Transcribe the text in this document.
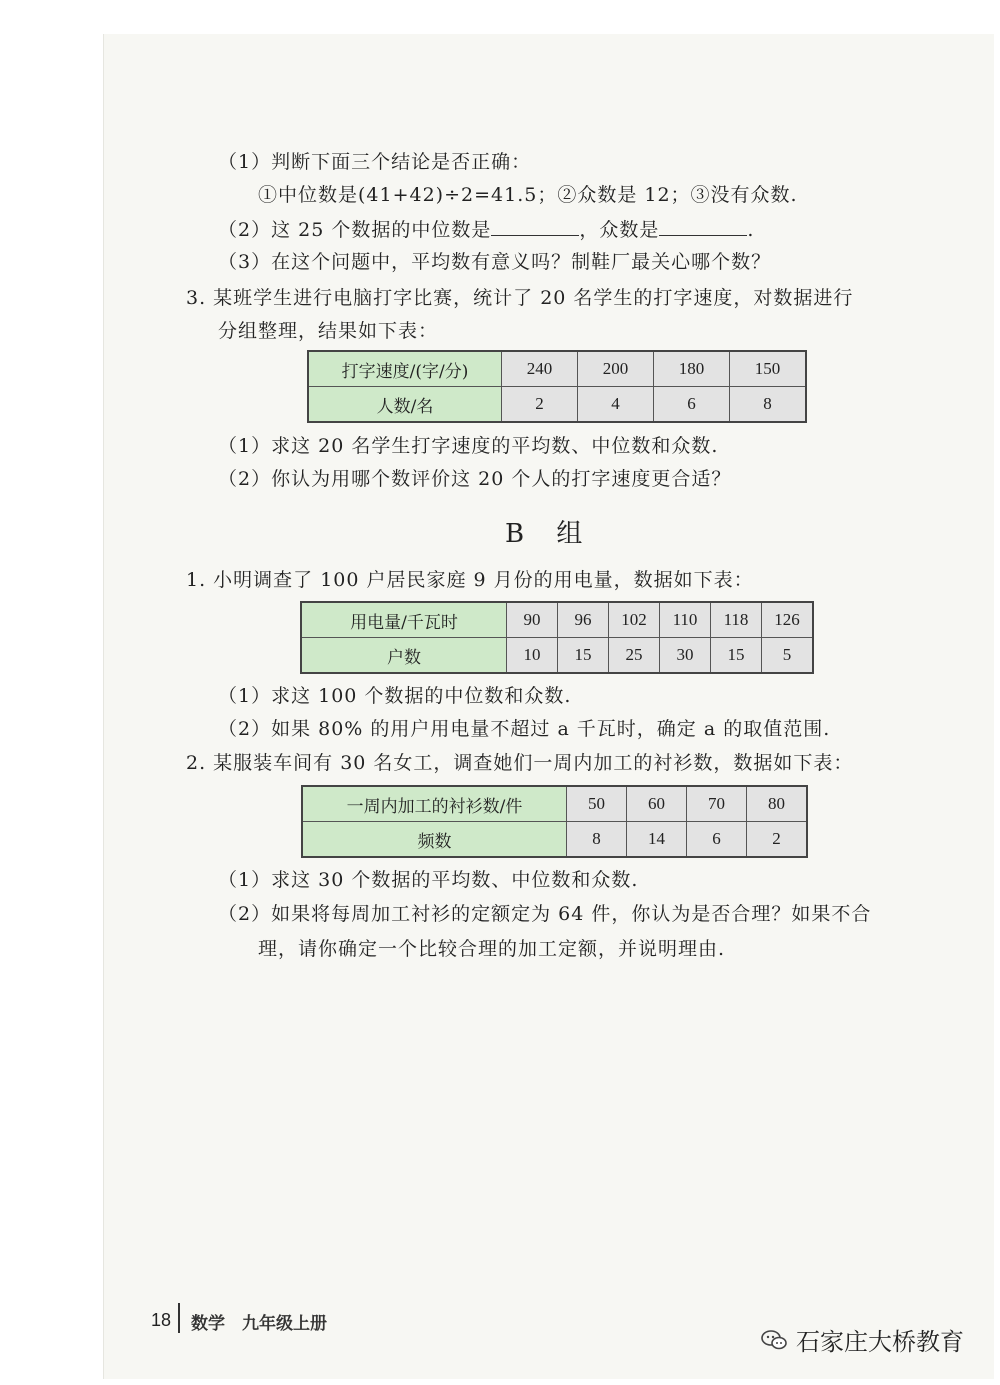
（1）判断下面三个结论是否正确：
①中位数是(41+42)÷2=41.5；②众数是 12；③没有众数.
（2）这 25 个数据的中位数是	，众数是	.
（3）在这个问题中，平均数有意义吗？制鞋厂最关心哪个数？
3. 某班学生进行电脑打字比赛，统计了 20 名学生的打字速度，对数据进行
分组整理，结果如下表：
打字速度/(字/分)	240	200	180	150
人数/名	2	4	6	8
（1）求这 20 名学生打字速度的平均数、中位数和众数.
（2）你认为用哪个数评价这 20 个人的打字速度更合适？
B 组
1. 小明调查了 100 户居民家庭 9 月份的用电量，数据如下表：
用电量/千瓦时	90	96	102	110	118	126
户数	10	15	25	30	15	5
（1）求这 100 个数据的中位数和众数.
（2）如果 80% 的用户用电量不超过 a 千瓦时，确定 a 的取值范围.
2. 某服装车间有 30 名女工，调查她们一周内加工的衬衫数，数据如下表：
一周内加工的衬衫数/件	50	60	70	80
频数	8	14	6	2
（1）求这 30 个数据的平均数、中位数和众数.
（2）如果将每周加工衬衫的定额定为 64 件，你认为是否合理？如果不合
理，请你确定一个比较合理的加工定额，并说明理由.
18 数学　九年级上册
石家庄大桥教育
